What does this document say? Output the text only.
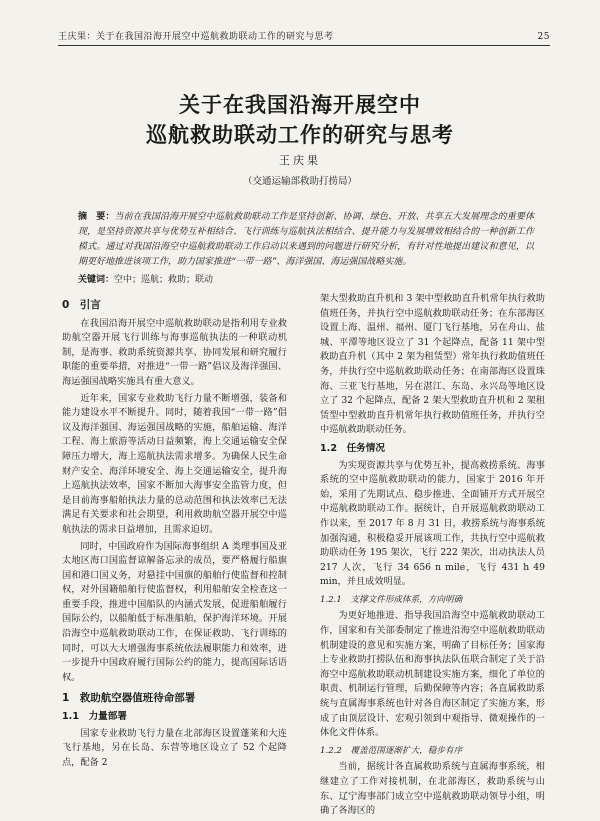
王庆果：关于在我国沿海开展空中巡航救助联动工作的研究与思考	25
关于在我国沿海开展空中
巡航救助联动工作的研究与思考
王庆果
（交通运输部救助打捞局）
摘　要：当前在我国沿海开展空中巡航救助联动工作是坚持创新、协调、绿色、开放、共享五大发展理念的重要体现，是坚持资源共享与优势互补相结合、飞行训练与巡航执法相结合、提升能力与发展增效相结合的一种创新工作模式。通过对我国沿海空中巡航救助联动工作启动以来遇到的问题进行研究分析，有针对性地提出建议和意见，以期更好地推进该项工作，助力国家推进“一带一路”、海洋强国、海运强国战略实施。
关键词：空中；巡航；救助；联动
0　引言

在我国沿海开展空中巡航救助联动是指利用专业救助航空器开展飞行训练与海事巡航执法的一种联动机制，是海事、救助系统资源共享、协同发展和研究履行职能的重要举措，对推进“一带一路”倡议及海洋强国、海运强国战略实施具有重大意义。

近年来，国家专业救助飞行力量不断增强，装备和能力建设水平不断提升。同时，随着我国“一带一路”倡议及海洋强国、海运强国战略的实施，船舶运输、海洋工程、海上旅游等活动日益频繁，海上交通运输安全保障压力增大，海上巡航执法需求增多。为确保人民生命财产安全、海洋环境安全、海上交通运输安全，提升海上巡航执法效率，国家不断加大海事安全监管力度，但是目前海事船舶执法力量的总动范围和执法效率已无法满足有关要求和社会期望，利用救助航空器开展空中巡航执法的需求日益增加，且需求迫切。

同时，中国政府作为国际海事组织 A 类理事国及亚太地区海口国监督谅解备忘录的成员，要严格履行船旗国和港口国义务，对悬挂中国旗的船舶行使监督和控制权，对外国籍船舶行使监督权，利用船舶安全检查这一重要手段，推进中国船队的内涵式发展，促进船舶履行国际公约，以船舶低于标准船舶，保护海洋环境。开展沿海空中巡航救助联动工作，在保证救助、飞行训练的同时，可以大大增强海事系统依法履职能力和效率，进一步提升中国政府履行国际公约的能力，提高国际话语权。

1　救助航空器值班待命部署
1.1　力量部署

国家专业救助飞行力量在北部海区设置蓬莱和大连飞行基地，另在长岛、东营等地区设立了 52 个起降点，配备 2

架大型救助直升机和 3 架中型救助直升机常年执行救助值班任务，并执行空中巡航救助联动任务；在东部海区设置上海、温州、福州、厦门飞行基地，另在舟山、盐城、平潭等地区设立了 31 个起降点，配备 11 架中型救助直升机（其中 2 架为租赁型）常年执行救助值班任务，并执行空中巡航救助联动任务；在南部海区设置珠海、三亚飞行基地，另在湛江、东岛、永兴岛等地区设立了 32 个起降点，配备 2 架大型救助直升机和 2 架租赁型中型救助直升机常年执行救助值班任务，并执行空中巡航救助联动任务。

1.2　任务情况

为实现资源共享与优势互补，提高救捞系统、海事系统的空中巡航救助联动的能力，国家于 2016 年开始，采用了先期试点、稳步推进、全面铺开方式开展空中巡航救助联动工作。据统计，自开展巡航救助联动工作以来，至 2017 年 8 月 31 日，救捞系统与海事系统加强沟通，积极稳妥开展该项工作，共执行空中巡航救助联动任务 195 架次，飞行 222 架次，出动执法人员 217 人次，飞行 34 656 n mile，飞行 431 h 49 min，并且成效明显。

1.2.1　支撑文件形成体系，方向明确

为更好地推进、指导我国沿海空中巡航救助联动工作，国家和有关部委制定了推进沿海空中巡航救助联动机制建设的意见和实施方案，明确了目标任务；国家海上专业救助打捞队伍和海事执法队伍联合制定了关于沿海空中巡航救助联动机制建设实施方案，细化了单位的职责、机制运行管理，后勤保障等内容；各直属救助系统与直属海事系统也针对各自海区制定了实施方案，形成了由顶层设计、宏观引领到中观指导、微观操作的一体化文件体系。

1.2.2　覆盖范围逐渐扩大，稳步有序

当前，据统计各直属救助系统与直属海事系统，相继建立了工作对接机制，在北部海区，救助系统与山东、辽宁海事部门成立空中巡航救助联动领导小组，明确了各海区的
